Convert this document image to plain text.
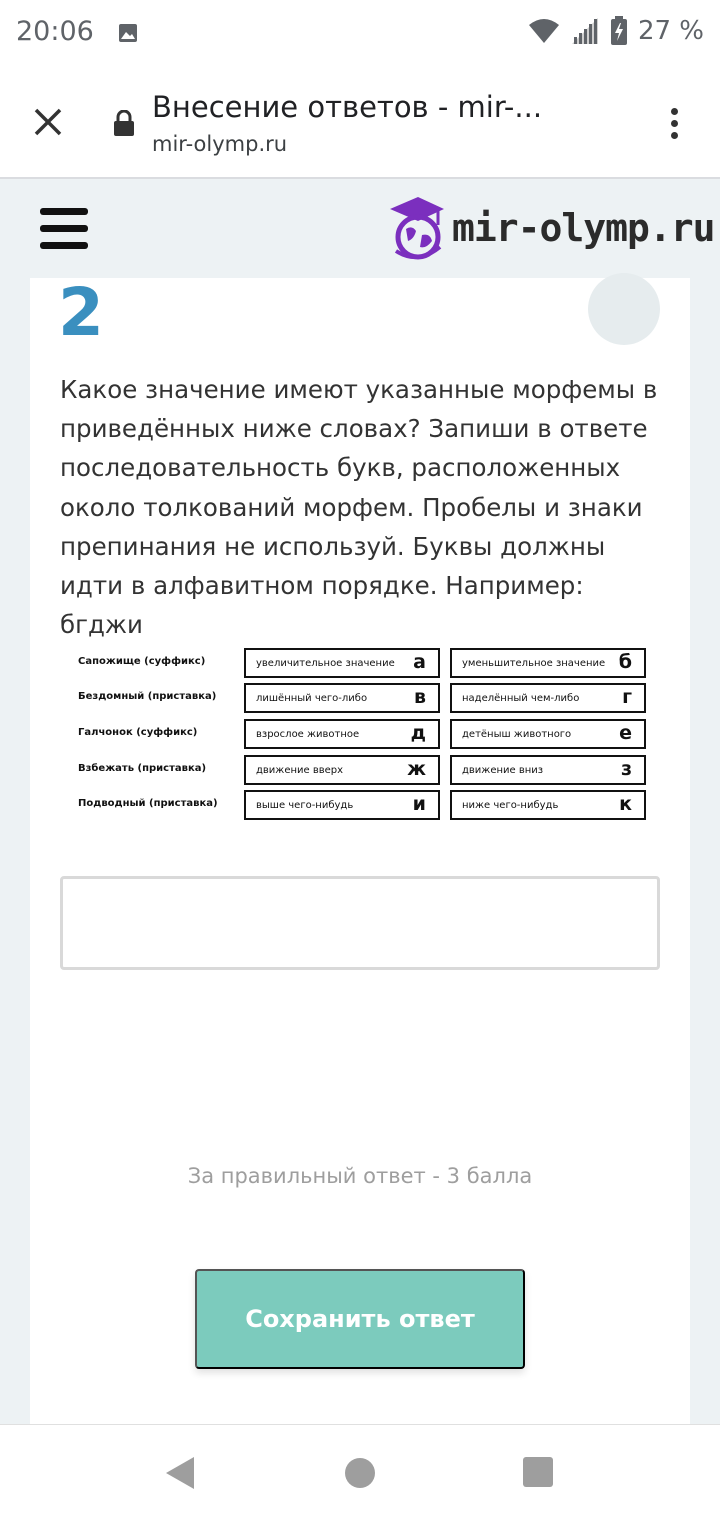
20:06	27 %
Внесение ответов - mir-...
mir-olymp.ru
mir-olymp.ru
2
Какое значение имеют указанные морфемы в приведённых ниже словах? Запиши в ответе последовательность букв, расположенных около толкований морфем. Пробелы и знаки препинания не используй. Буквы должны идти в алфавитном порядке. Например: бгджи
Сапожище (суффикс)	увеличительное значение а	уменьшительное значение б
Бездомный (приставка)	лишённый чего-либо в	наделённый чем-либо г
Галчонок (суффикс)	взрослое животное	д	детёныш животного	е
Взбежать (приставка)	движение вверх	ж	движение вниз	з
Подводный (приставка)	выше чего-нибудь	и	ниже чего-нибудь	к
За правильный ответ - 3 балла
Сохранить ответ
